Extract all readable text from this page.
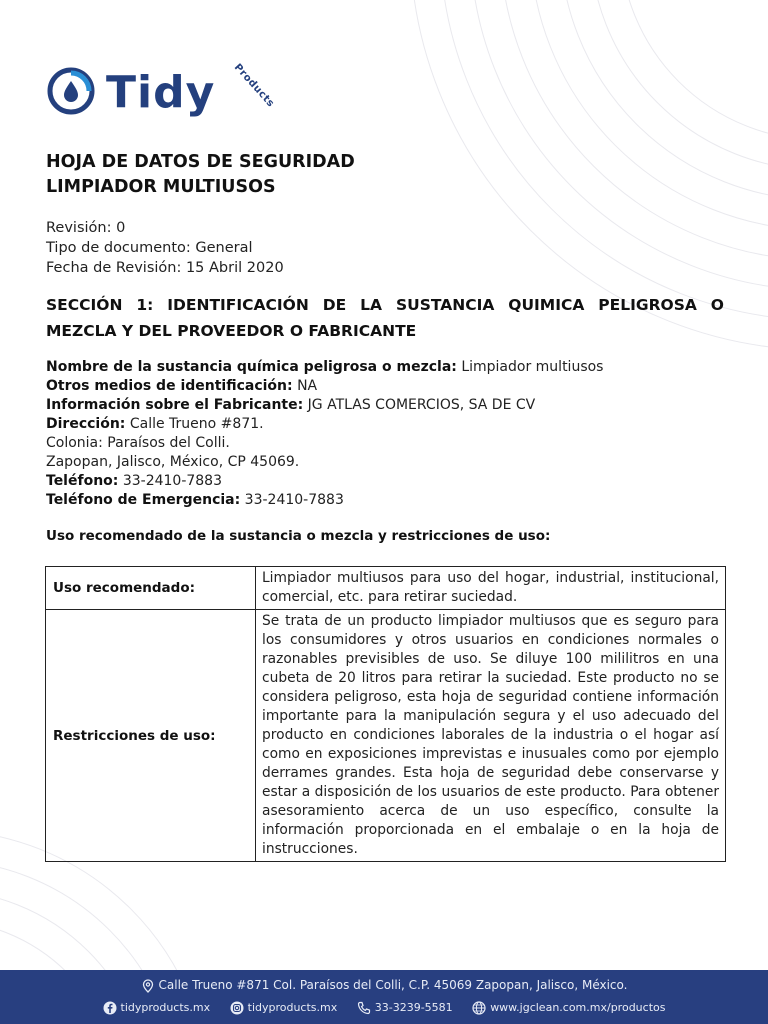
Tidy Products
HOJA DE DATOS DE SEGURIDAD
LIMPIADOR MULTIUSOS
Revisión: 0
Tipo de documento: General
Fecha de Revisión: 15 Abril 2020
SECCIÓN 1: IDENTIFICACIÓN DE LA SUSTANCIA QUIMICA PELIGROSA O MEZCLA Y DEL PROVEEDOR O FABRICANTE
Nombre de la sustancia química peligrosa o mezcla: Limpiador multiusos
Otros medios de identificación: NA
Información sobre el Fabricante: JG ATLAS COMERCIOS, SA DE CV
Dirección: Calle Trueno #871.
Colonia: Paraísos del Colli.
Zapopan, Jalisco, México, CP 45069.
Teléfono: 33-2410-7883
Teléfono de Emergencia: 33-2410-7883
Uso recomendado de la sustancia o mezcla y restricciones de uso:
Uso recomendado:	Limpiador multiusos para uso del hogar, industrial, institucional, comercial, etc. para retirar suciedad.
Restricciones de uso:	Se trata de un producto limpiador multiusos que es seguro para los consumidores y otros usuarios en condiciones normales o razonables previsibles de uso. Se diluye 100 mililitros en una cubeta de 20 litros para retirar la suciedad. Este producto no se considera peligroso, esta hoja de seguridad contiene información importante para la manipulación segura y el uso adecuado del producto en condiciones laborales de la industria o el hogar así como en exposiciones imprevistas e inusuales como por ejemplo derrames grandes. Esta hoja de seguridad debe conservarse y estar a disposición de los usuarios de este producto. Para obtener asesoramiento acerca de un uso específico, consulte la información proporcionada en el embalaje o en la hoja de instrucciones.
Calle Trueno #871 Col. Paraísos del Colli, C.P. 45069 Zapopan, Jalisco, México.
tidyproducts.mx	tidyproducts.mx	33-3239-5581	www.jgclean.com.mx/productos
